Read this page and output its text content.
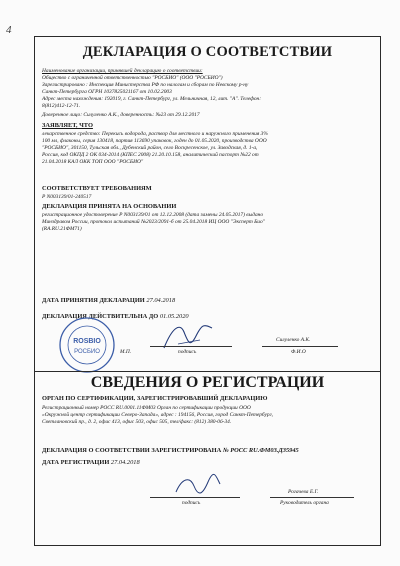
4
ДЕКЛАРАЦИЯ О СООТВЕТСТВИИ
Наименование организации, принявшей декларацию о соответствии:
Общество с ограниченной ответственностью "РОСБИО" (ООО "РОСБИО")
Зарегистрировано : Инспекция Министерства РФ по налогам и сборам по Невскому р-ну
Санкт-Петербурга ОГРН 1037825021167 от 10.02.2003
Адрес места нахождения: 192019, г. Санкт-Петербург, ул. Мельничная, 12, лит. "А". Телефон:
8(812)412-12-71.
Доверенное лицо: Силуленко А.К., доверенность: №23 от 29.12.2017
ЗАЯВЛЯЕТ, ЧТО
лекарственное средство: Перекись водорода, раствор для местного и наружного применения 3%
100 мл, флаконы, серия 130418, партия 113690 упаковок, годен до 01.05.2020, производства ООО
"РОСБИО", 301150, Тульская обл., Дубенский район, село Воскресенское, ул. Заводская, д. 1-а,
Россия, код ОКПД 2 ОК 034-2014 (КПЕС 2008) 21.20.10.158, аналитический паспорт №22 от
21.04.2018 КАЛ ОКК ТОП ООО "РОСБИО"
СООТВЕТСТВУЕТ ТРЕБОВАНИЯМ
Р N003139/01-240517
ДЕКЛАРАЦИЯ ПРИНЯТА НА ОСНОВАНИИ
регистрационное удостоверение Р N003139/01 от 12.12.2008 (дата замены 24.05.2017) выдано
Минздравом России, протокол испытаний №2023/2091-б от 25.04.2018 ИЦ ООО "Эксперт Био"
(RA.RU.21ФМ71)
ДАТА ПРИНЯТИЯ ДЕКЛАРАЦИИ 27.04.2018
ДЕКЛАРАЦИЯ ДЕЙСТВИТЕЛЬНА ДО 01.05.2020
подпись
Силуленко А.К.
Ф.И.О
М.П.
ROSBIO
РОСБИО
СВЕДЕНИЯ О РЕГИСТРАЦИИ
ОРГАН ПО СЕРТИФИКАЦИИ, ЗАРЕГИСТРИРОВАВШИЙ ДЕКЛАРАЦИЮ
Регистрационный номер РОСС RU.0001.11ФМ03 Орган по сертификации продукции ООО
«Окружной центр сертификации Северо-Запада», адрес : 194156, Россия, город Санкт-Петербург,
Светлановский пр., д. 2, офис 413, офис 503, офис 505, тел/факс: (812) 380-06-34.
ДЕКЛАРАЦИЯ О СООТВЕТСТВИИ ЗАРЕГИСТРИРОВАНА № РОСС RU.ФМ03.Д35945
ДАТА РЕГИСТРАЦИИ 27.04.2018
подпись
Рогачева Е.Г.
Руководитель органа
